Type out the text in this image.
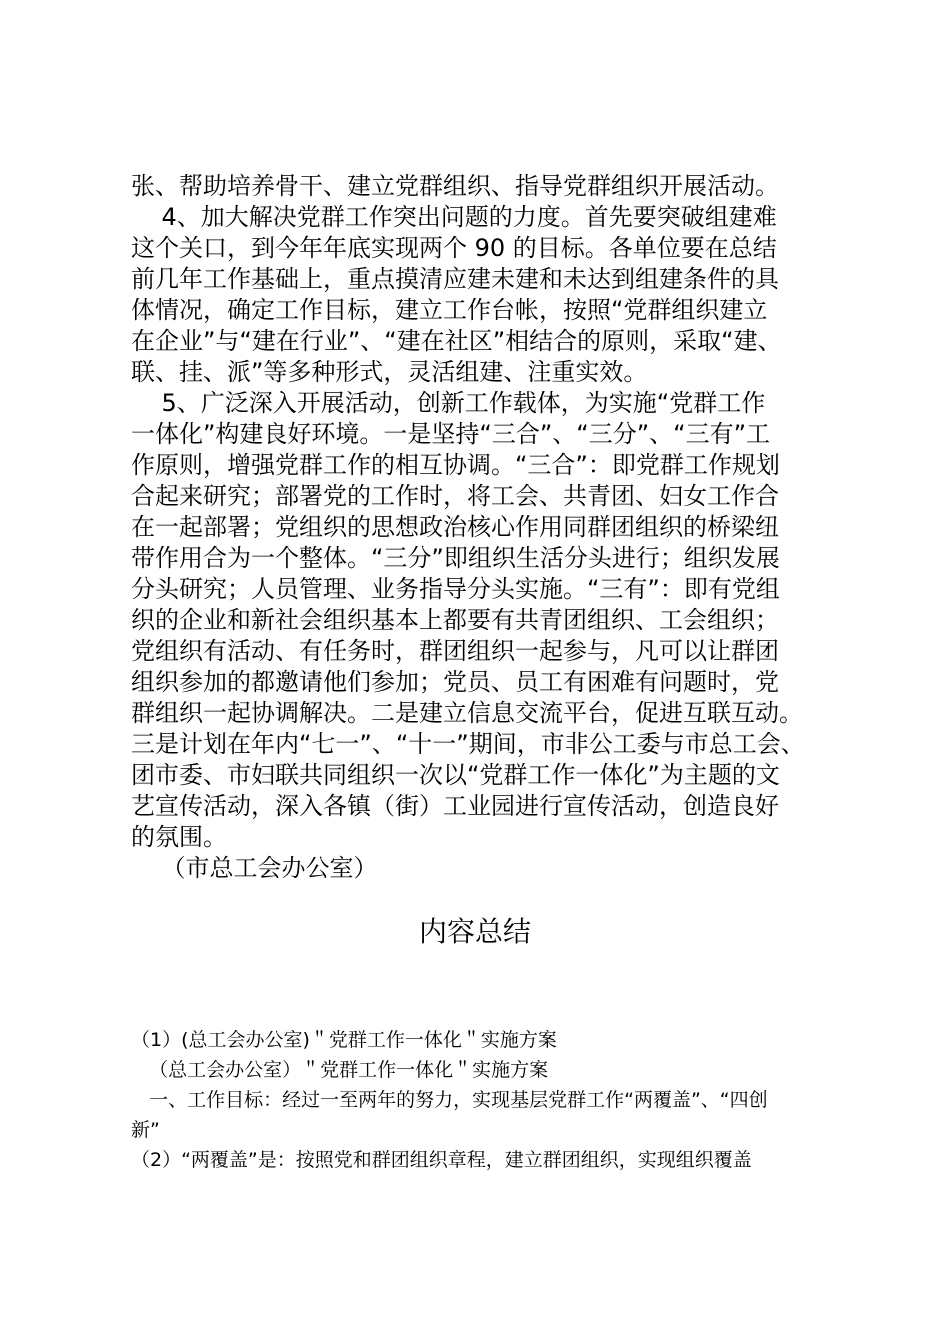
张、帮助培养骨干、建立党群组织、指导党群组织开展活动。
4、加大解决党群工作突出问题的力度。首先要突破组建难
这个关口，到今年年底实现两个 90 的目标。各单位要在总结
前几年工作基础上，重点摸清应建未建和未达到组建条件的具
体情况，确定工作目标，建立工作台帐，按照“党群组织建立
在企业”与“建在行业”、“建在社区”相结合的原则，采取“建、
联、挂、派”等多种形式，灵活组建、注重实效。
5、广泛深入开展活动，创新工作载体，为实施“党群工作
一体化”构建良好环境。一是坚持“三合”、“三分”、“三有”工
作原则，增强党群工作的相互协调。“三合”：即党群工作规划
合起来研究；部署党的工作时，将工会、共青团、妇女工作合
在一起部署；党组织的思想政治核心作用同群团组织的桥梁纽
带作用合为一个整体。“三分”即组织生活分头进行；组织发展
分头研究；人员管理、业务指导分头实施。“三有”：即有党组
织的企业和新社会组织基本上都要有共青团组织、工会组织；
党组织有活动、有任务时，群团组织一起参与，凡可以让群团
组织参加的都邀请他们参加；党员、员工有困难有问题时，党
群组织一起协调解决。二是建立信息交流平台，促进互联互动。
三是计划在年内“七一”、“十一”期间，市非公工委与市总工会、
团市委、市妇联共同组织一次以“党群工作一体化”为主题的文
艺宣传活动，深入各镇（街）工业园进行宣传活动，创造良好
的氛围。
（市总工会办公室）
内容总结
（1）(总工会办公室)＂党群工作一体化＂实施方案
（总工会办公室）＂党群工作一体化＂实施方案
一、工作目标：经过一至两年的努力，实现基层党群工作“两覆盖”、“四创
新”
（2）“两覆盖”是：按照党和群团组织章程，建立群团组织，实现组织覆盖
